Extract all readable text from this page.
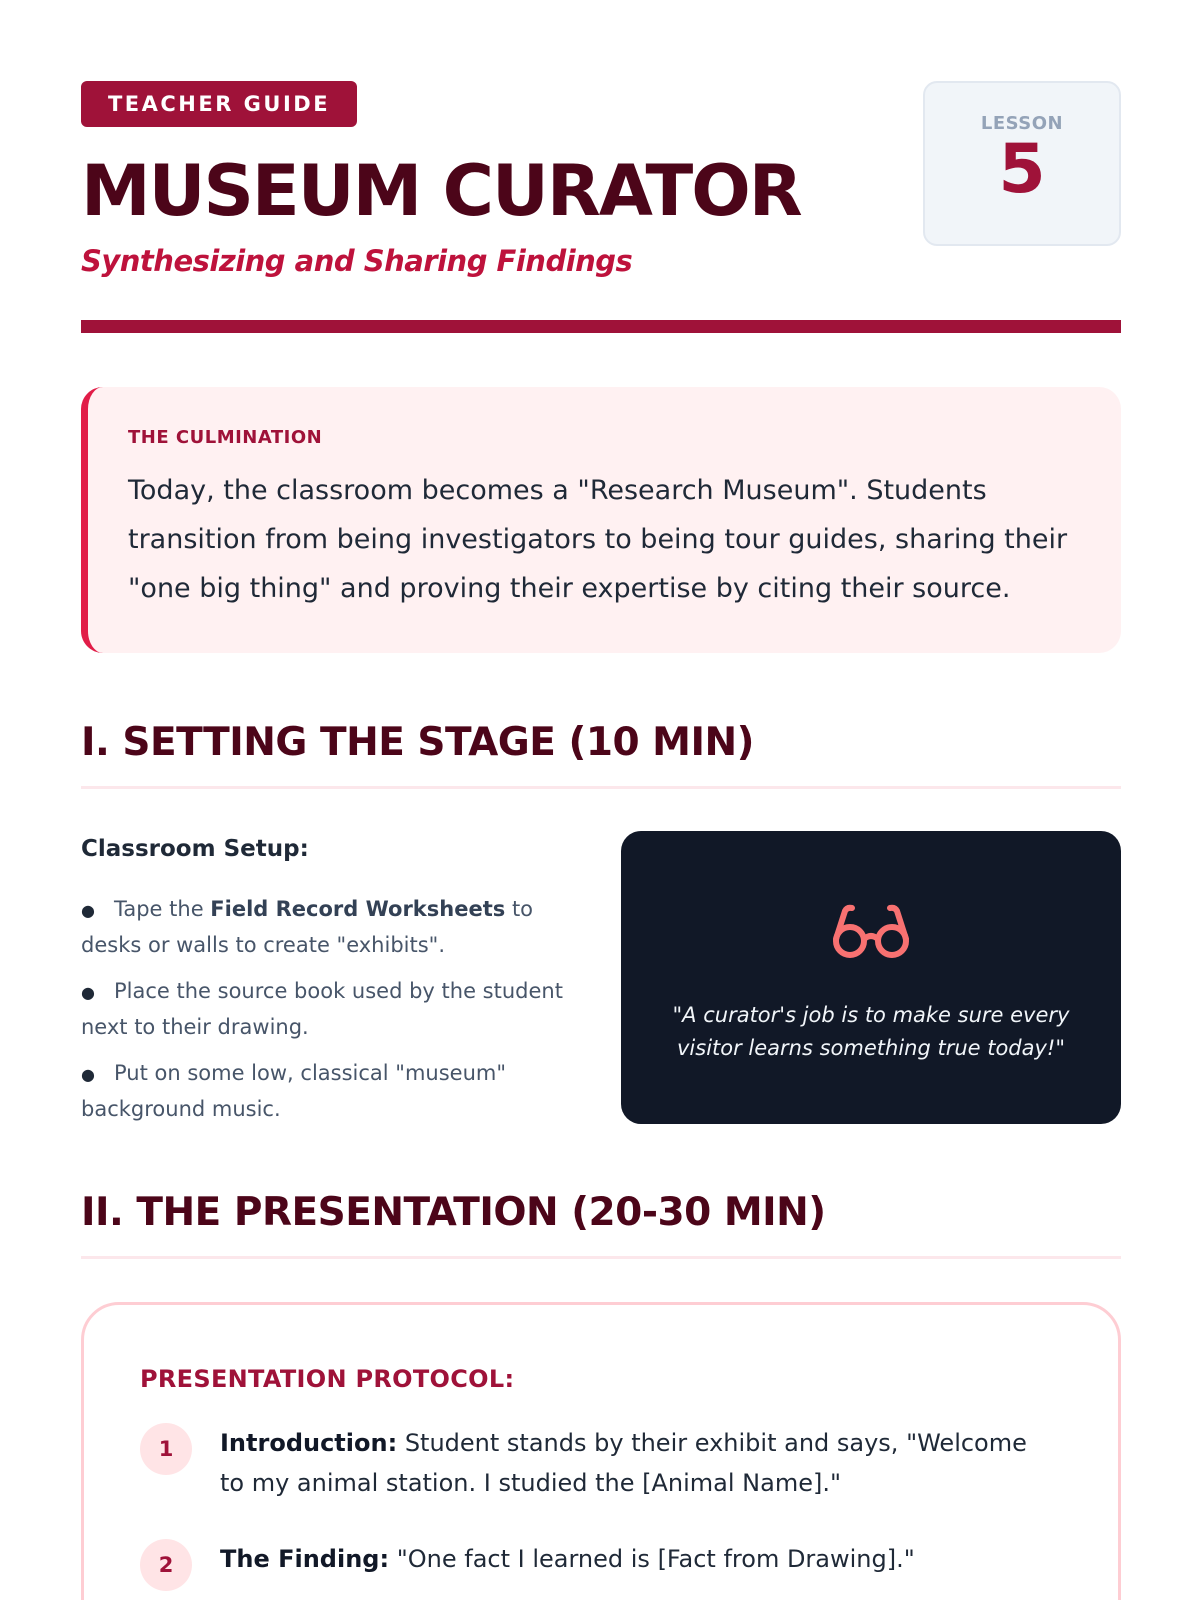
TEACHER GUIDE
MUSEUM CURATOR
Synthesizing and Sharing Findings
LESSON
5
THE CULMINATION

Today, the classroom becomes a "Research Museum". Students transition from being investigators to being tour guides, sharing their "one big thing" and proving their expertise by citing their source.

I. SETTING THE STAGE (10 MIN)
Classroom Setup:
● Tape the Field Record Worksheets to desks or walls to create "exhibits".
● Place the source book used by the student next to their drawing.
● Put on some low, classical "museum" background music.

"A curator's job is to make sure every visitor learns something true today!"

II. THE PRESENTATION (20-30 MIN)
PRESENTATION PROTOCOL:
1	Introduction: Student stands by their exhibit and says, "Welcome to my animal station. I studied the [Animal Name]."
2	The Finding: "One fact I learned is [Fact from Drawing]."
